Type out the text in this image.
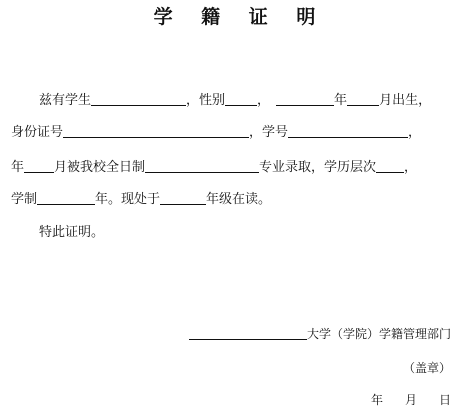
学 籍 证 明
兹有学生	，性别 ，	年 月出生，
身份证号	，学号	，
年 月被我校全日制	专业录取，学历层次 ，
学制	年。现处于	年级在读。
特此证明。
大学（学院）学籍管理部门
（盖章）
年 月 日
